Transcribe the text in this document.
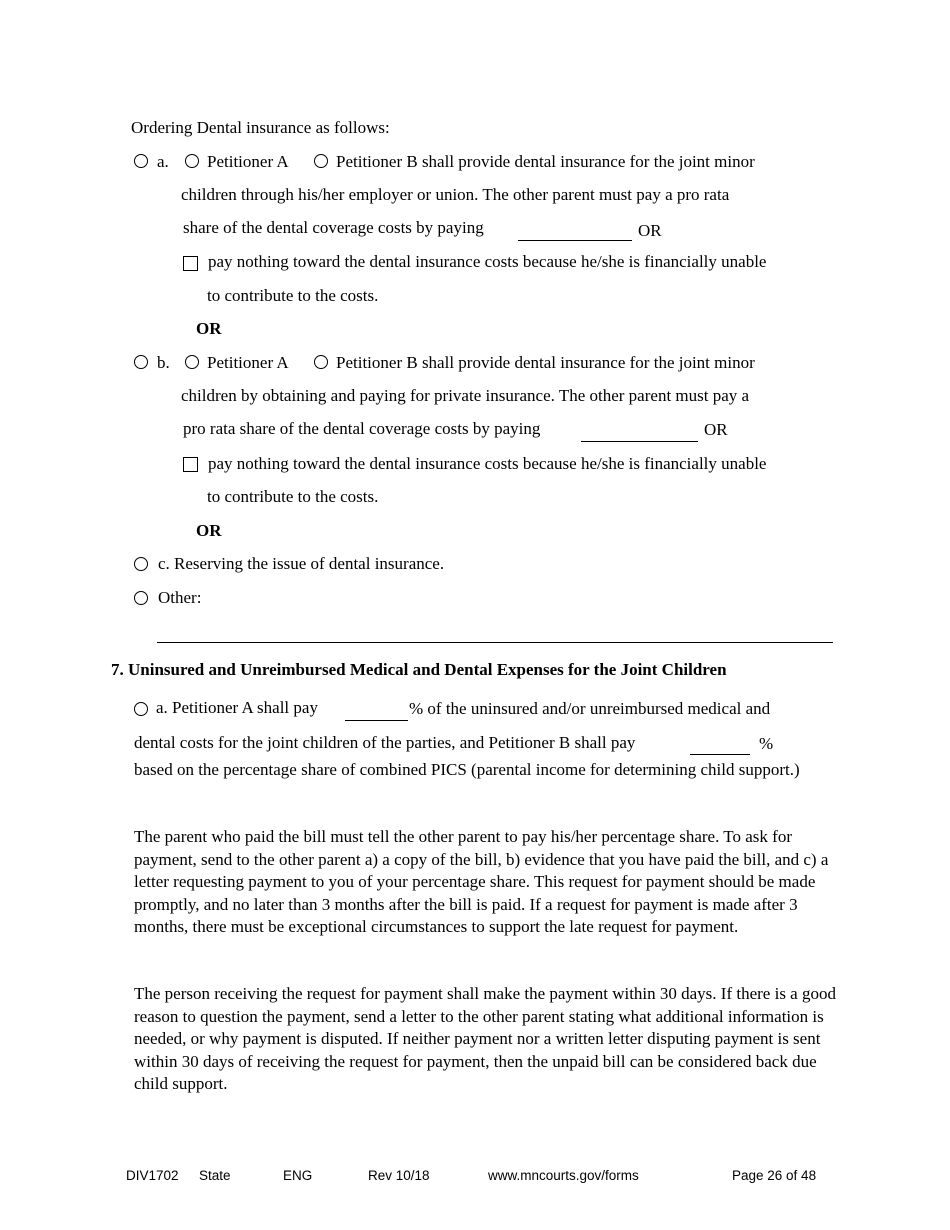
Ordering Dental insurance as follows:
a. Petitioner A	Petitioner B shall provide dental insurance for the joint minor
children through his/her employer or union. The other parent must pay a pro rata
share of the dental coverage costs by paying	OR
pay nothing toward the dental insurance costs because he/she is financially unable
to contribute to the costs.
OR
b. Petitioner A	Petitioner B shall provide dental insurance for the joint minor
children by obtaining and paying for private insurance. The other parent must pay a
pro rata share of the dental coverage costs by paying	OR
pay nothing toward the dental insurance costs because he/she is financially unable
to contribute to the costs.
OR
c. Reserving the issue of dental insurance.
Other:
7. Uninsured and Unreimbursed Medical and Dental Expenses for the Joint Children
a. Petitioner A shall pay	% of the uninsured and/or unreimbursed medical and
dental costs for the joint children of the parties, and Petitioner B shall pay	%
based on the percentage share of combined PICS (parental income for determining child support.)
The parent who paid the bill must tell the other parent to pay his/her percentage share. To ask for payment, send to the other parent a) a copy of the bill, b) evidence that you have paid the bill, and c) a letter requesting payment to you of your percentage share. This request for payment should be made promptly, and no later than 3 months after the bill is paid. If a request for payment is made after 3 months, there must be exceptional circumstances to support the late request for payment.
The person receiving the request for payment shall make the payment within 30 days. If there is a good reason to question the payment, send a letter to the other parent stating what additional information is needed, or why payment is disputed. If neither payment nor a written letter disputing payment is sent within 30 days of receiving the request for payment, then the unpaid bill can be considered back due child support.
DIV1702 State	ENG	Rev 10/18	www.mncourts.gov/forms	Page 26 of 48
